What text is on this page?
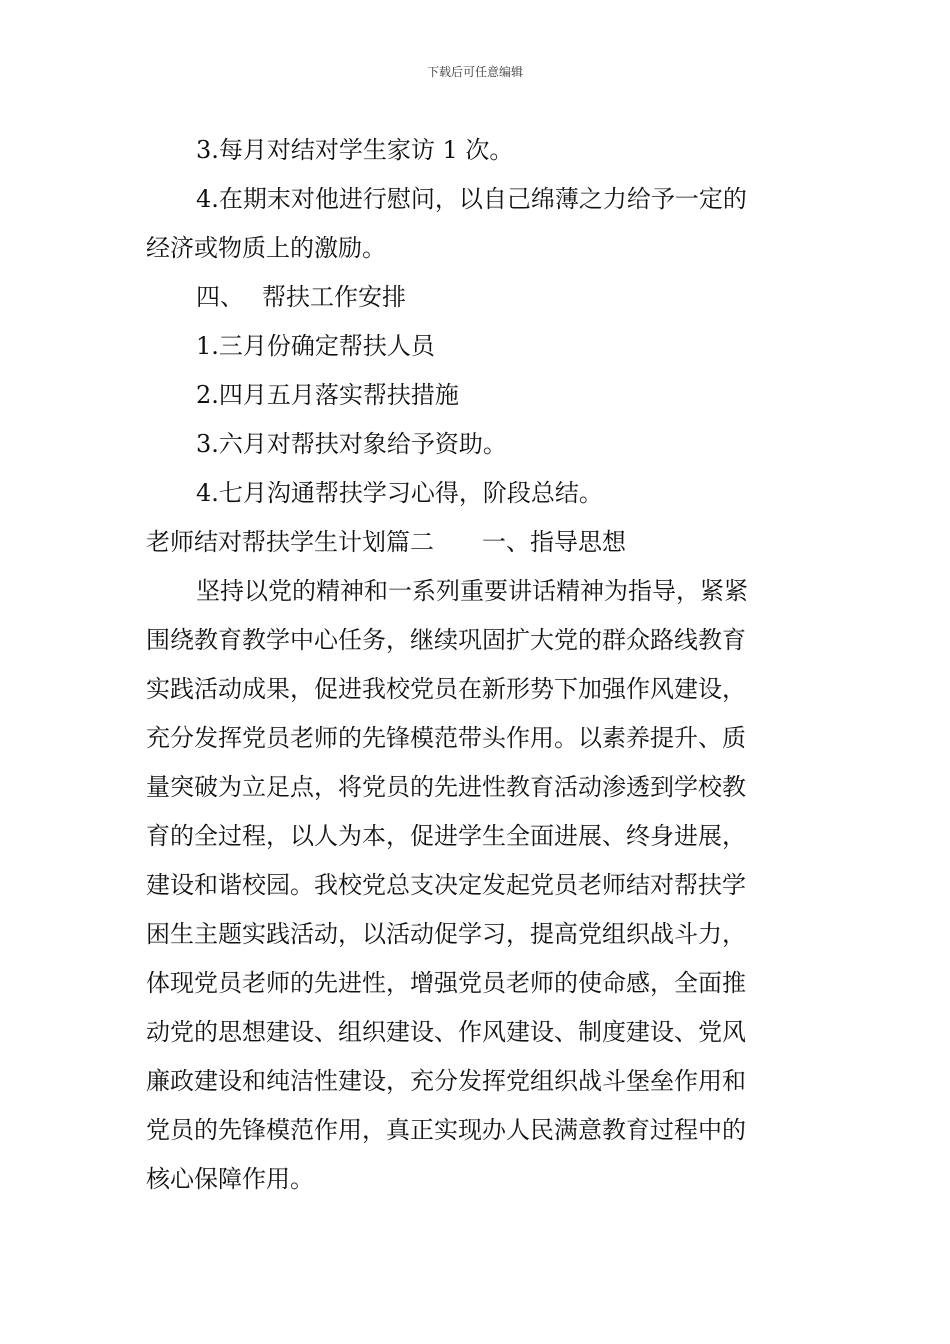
下载后可任意编辑
3.每月对结对学生家访 1 次。
4.在期末对他进行慰问，以自己绵薄之力给予一定的
经济或物质上的激励。
四、 帮扶工作安排
1.三月份确定帮扶人员
2.四月五月落实帮扶措施
3.六月对帮扶对象给予资助。
4.七月沟通帮扶学习心得，阶段总结。
老师结对帮扶学生计划篇二 一、指导思想
坚持以党的精神和一系列重要讲话精神为指导，紧紧
围绕教育教学中心任务，继续巩固扩大党的群众路线教育
实践活动成果，促进我校党员在新形势下加强作风建设，
充分发挥党员老师的先锋模范带头作用。以素养提升、质
量突破为立足点，将党员的先进性教育活动渗透到学校教
育的全过程，以人为本，促进学生全面进展、终身进展，
建设和谐校园。我校党总支决定发起党员老师结对帮扶学
困生主题实践活动，以活动促学习，提高党组织战斗力，
体现党员老师的先进性，增强党员老师的使命感，全面推
动党的思想建设、组织建设、作风建设、制度建设、党风
廉政建设和纯洁性建设，充分发挥党组织战斗堡垒作用和
党员的先锋模范作用，真正实现办人民满意教育过程中的
核心保障作用。
